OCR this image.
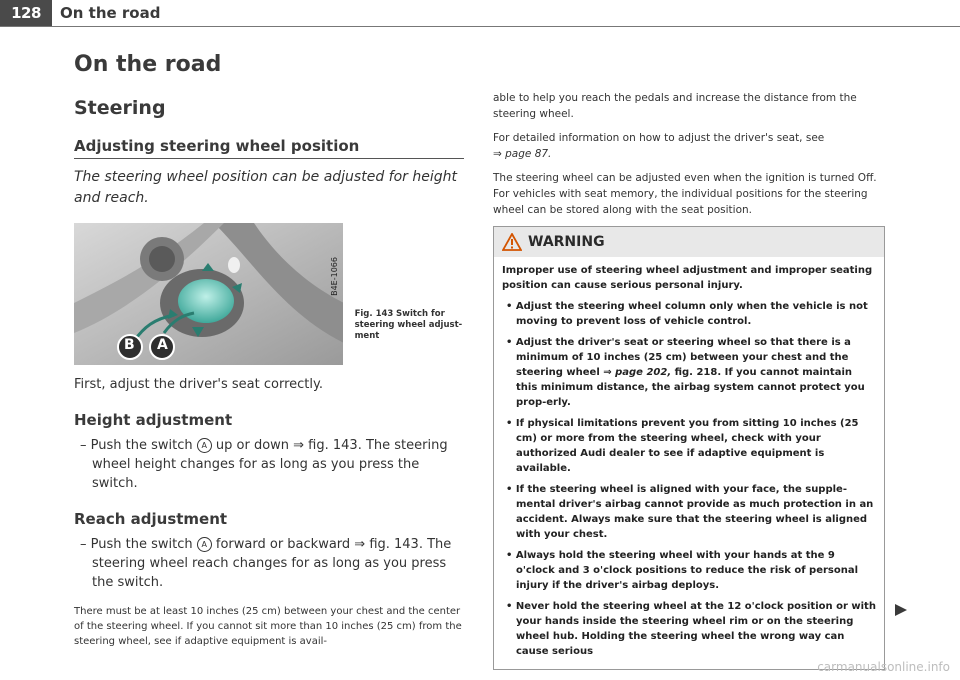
128	On the road
On the road
Steering
Adjusting steering wheel position
The steering wheel position can be adjusted for height and reach.
B A
B4E-1066
Fig. 143 Switch for steering wheel adjust-ment
First, adjust the driver's seat correctly.
Height adjustment
– Push the switch A up or down ⇒ fig. 143. The steering wheel height changes for as long as you press the switch.
Reach adjustment
– Push the switch A forward or backward ⇒ fig. 143. The steering wheel reach changes for as long as you press the switch.
There must be at least 10 inches (25 cm) between your chest and the center of the steering wheel. If you cannot sit more than 10 inches (25 cm) from the steering wheel, see if adaptive equipment is avail-

able to help you reach the pedals and increase the distance from the steering wheel.

For detailed information on how to adjust the driver's seat, see
⇒ page 87.

The steering wheel can be adjusted even when the ignition is turned Off. For vehicles with seat memory, the individual positions for the steering wheel can be stored along with the seat position.

WARNING

Improper use of steering wheel adjustment and improper seating position can cause serious personal injury.

• Adjust the steering wheel column only when the vehicle is not moving to prevent loss of vehicle control.

• Adjust the driver's seat or steering wheel so that there is a minimum of 10 inches (25 cm) between your chest and the steering wheel ⇒ page 202, fig. 218. If you cannot maintain this minimum distance, the airbag system cannot protect you prop-erly.

• If physical limitations prevent you from sitting 10 inches (25 cm) or more from the steering wheel, check with your authorized Audi dealer to see if adaptive equipment is available.

• If the steering wheel is aligned with your face, the supple-mental driver's airbag cannot provide as much protection in an accident. Always make sure that the steering wheel is aligned with your chest.

• Always hold the steering wheel with your hands at the 9 o'clock and 3 o'clock positions to reduce the risk of personal injury if the driver's airbag deploys.

• Never hold the steering wheel at the 12 o'clock position or with your hands inside the steering wheel rim or on the steering wheel hub. Holding the steering wheel the wrong way can cause serious

carmanualsonline.info
